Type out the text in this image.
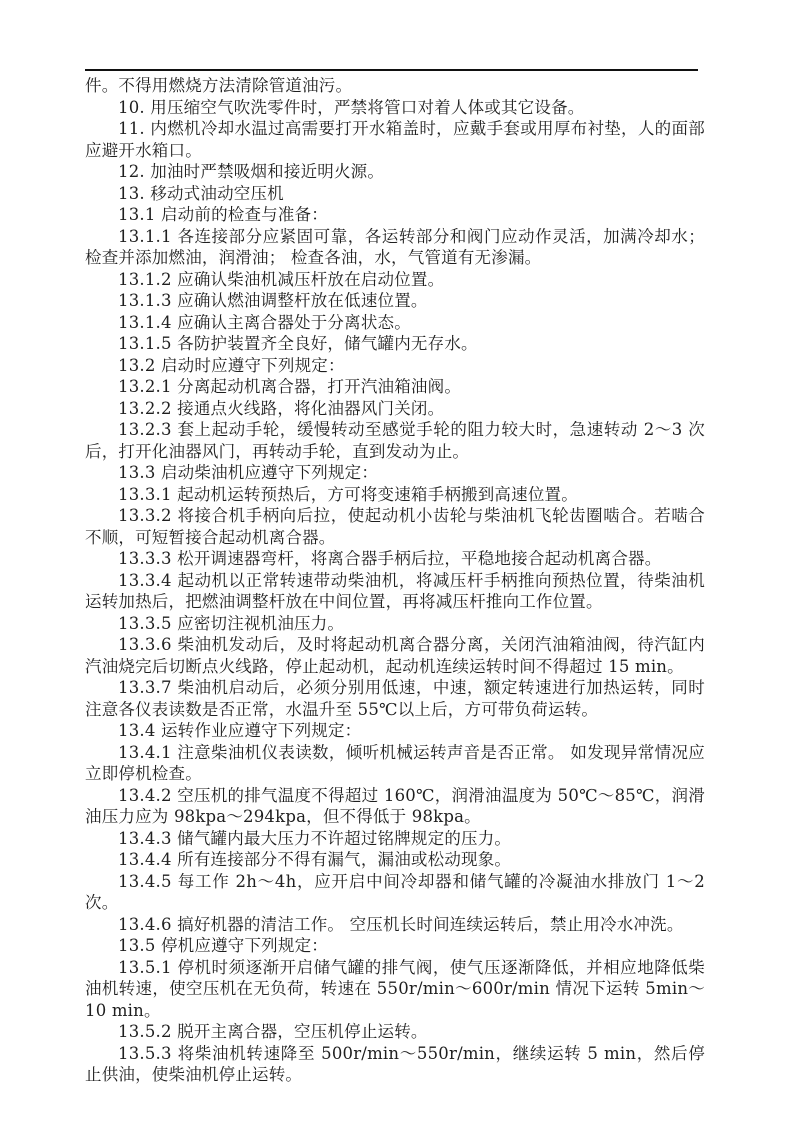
件。不得用燃烧方法清除管道油污。

10. 用压缩空气吹洗零件时，严禁将管口对着人体或其它设备。

11. 内燃机冷却水温过高需要打开水箱盖时，应戴手套或用厚布衬垫，人的面部应避开水箱口。

12. 加油时严禁吸烟和接近明火源。

13. 移动式油动空压机

13.1 启动前的检查与准备：

13.1.1 各连接部分应紧固可靠，各运转部分和阀门应动作灵活，加满冷却水；检查并添加燃油，润滑油； 检查各油，水，气管道有无渗漏。

13.1.2 应确认柴油机减压杆放在启动位置。

13.1.3 应确认燃油调整杆放在低速位置。

13.1.4 应确认主离合器处于分离状态。

13.1.5 各防护装置齐全良好，储气罐内无存水。

13.2 启动时应遵守下列规定：

13.2.1 分离起动机离合器，打开汽油箱油阀。

13.2.2 接通点火线路，将化油器风门关闭。

13.2.3 套上起动手轮，缓慢转动至感觉手轮的阻力较大时，急速转动 2～3 次后，打开化油器风门，再转动手轮，直到发动为止。

13.3 启动柴油机应遵守下列规定：

13.3.1 起动机运转预热后，方可将变速箱手柄搬到高速位置。

13.3.2 将接合机手柄向后拉，使起动机小齿轮与柴油机飞轮齿圈啮合。若啮合不顺，可短暂接合起动机离合器。

13.3.3 松开调速器弯杆，将离合器手柄后拉，平稳地接合起动机离合器。

13.3.4 起动机以正常转速带动柴油机，将减压杆手柄推向预热位置，待柴油机运转加热后，把燃油调整杆放在中间位置，再将减压杆推向工作位置。

13.3.5 应密切注视机油压力。

13.3.6 柴油机发动后，及时将起动机离合器分离，关闭汽油箱油阀，待汽缸内汽油烧完后切断点火线路，停止起动机，起动机连续运转时间不得超过 15 min。

13.3.7 柴油机启动后，必须分别用低速，中速，额定转速进行加热运转，同时注意各仪表读数是否正常，水温升至 55℃以上后，方可带负荷运转。

13.4 运转作业应遵守下列规定：

13.4.1 注意柴油机仪表读数，倾听机械运转声音是否正常。 如发现异常情况应立即停机检查。

13.4.2 空压机的排气温度不得超过 160℃，润滑油温度为 50℃～85℃，润滑油压力应为 98kpa～294kpa，但不得低于 98kpa。

13.4.3 储气罐内最大压力不许超过铭牌规定的压力。

13.4.4 所有连接部分不得有漏气，漏油或松动现象。

13.4.5 每工作 2h～4h，应开启中间冷却器和储气罐的冷凝油水排放门 1～2 次。

13.4.6 搞好机器的清洁工作。 空压机长时间连续运转后，禁止用冷水冲洗。

13.5 停机应遵守下列规定：

13.5.1 停机时须逐渐开启储气罐的排气阀，使气压逐渐降低，并相应地降低柴油机转速，使空压机在无负荷，转速在 550r/min～600r/min 情况下运转 5min～10 min。

13.5.2 脱开主离合器，空压机停止运转。

13.5.3 将柴油机转速降至 500r/min～550r/min，继续运转 5 min，然后停止供油，使柴油机停止运转。
